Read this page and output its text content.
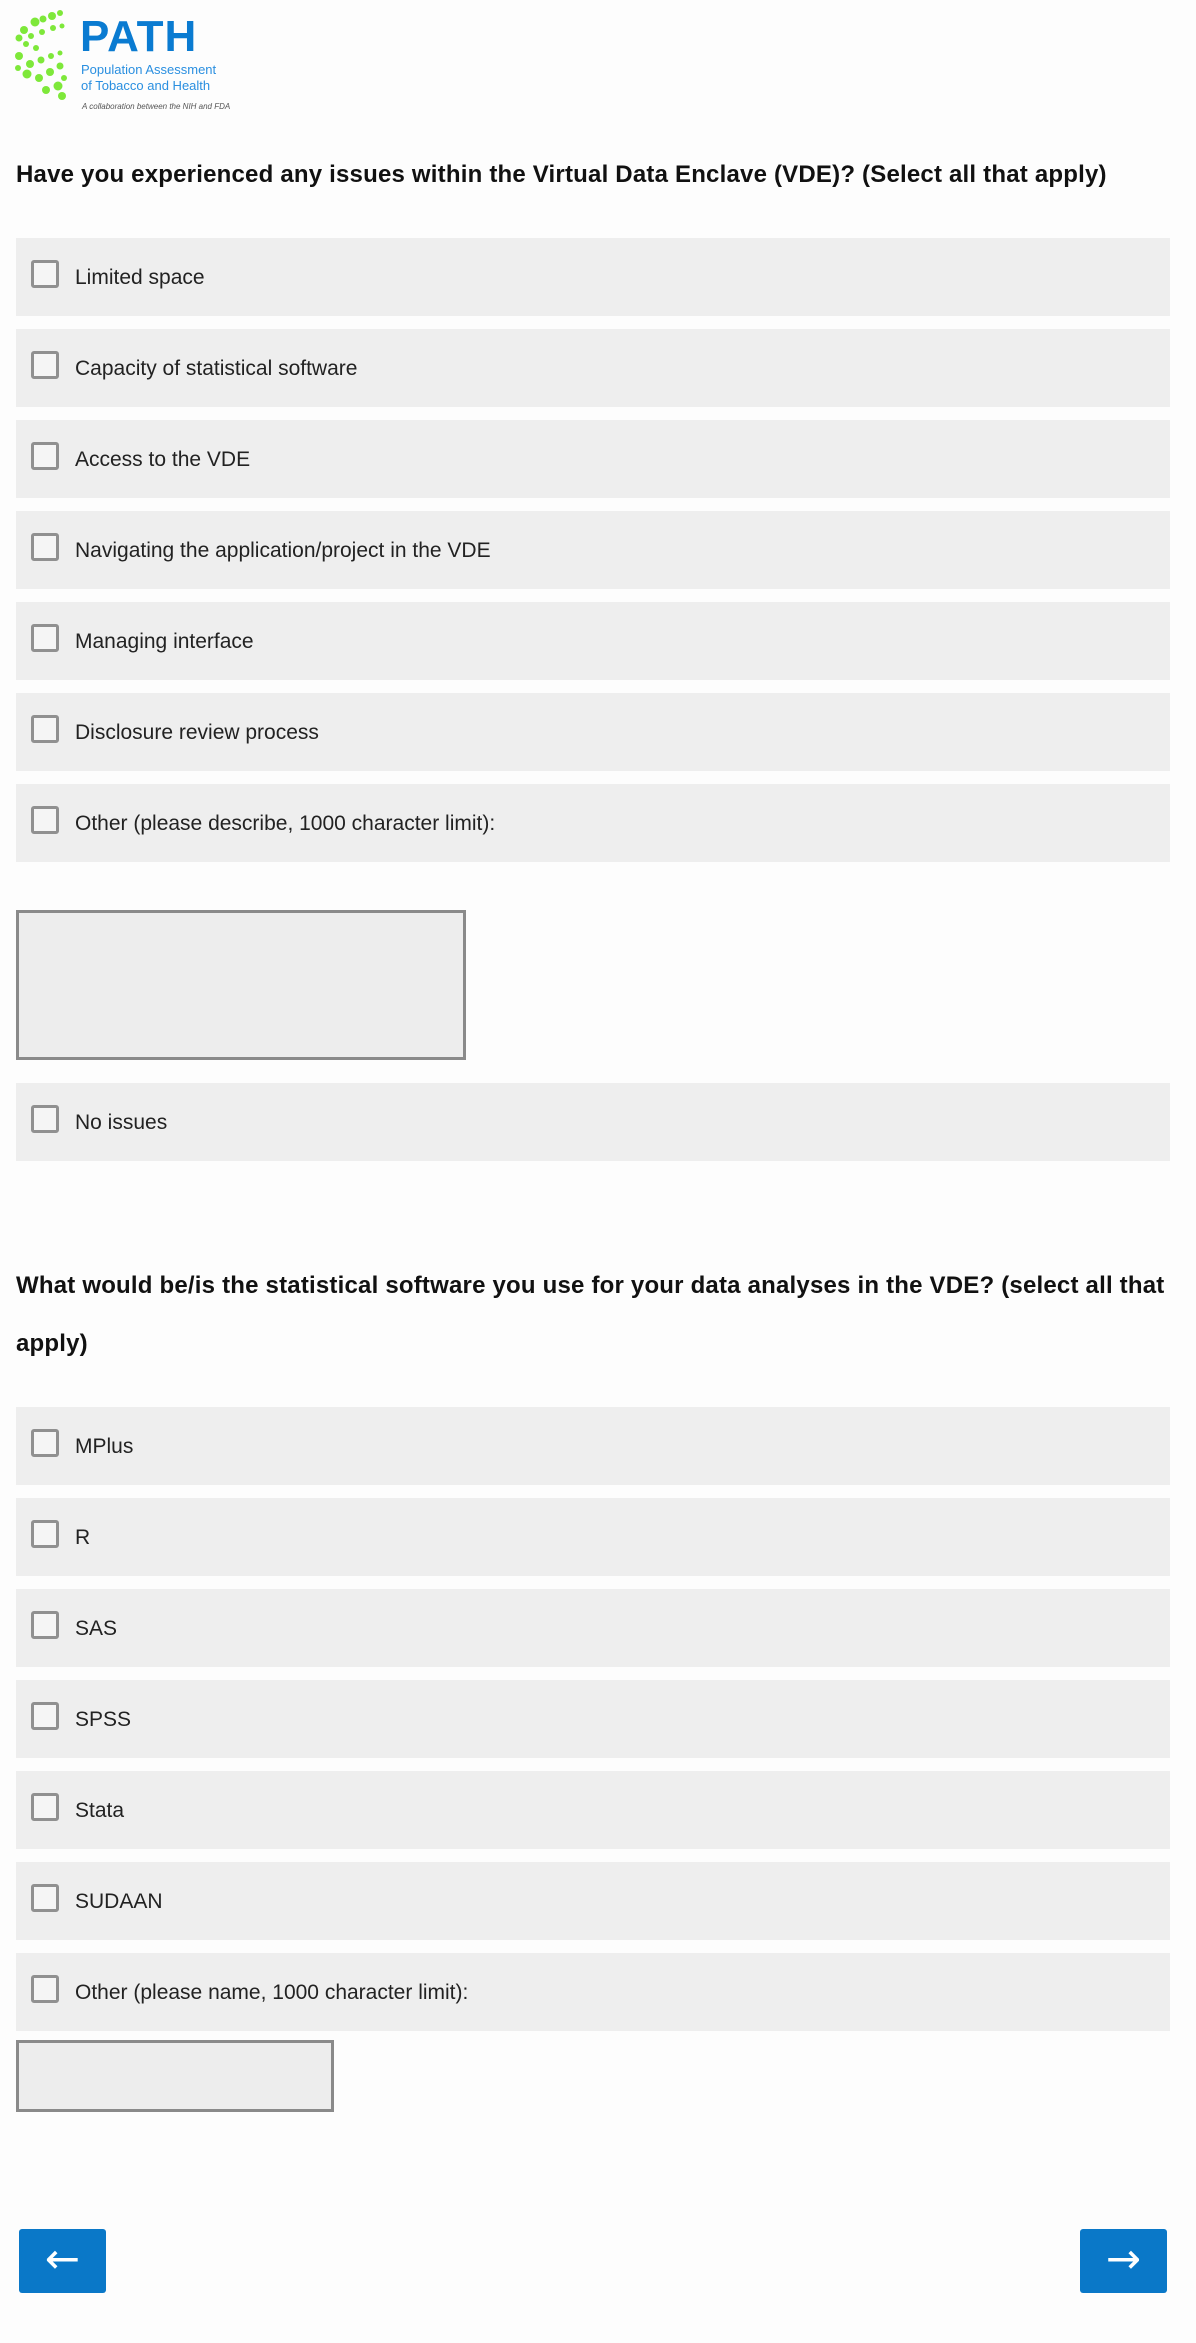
PATH
Population Assessment
of Tobacco and Health
A collaboration between the NIH and FDA
Have you experienced any issues within the Virtual Data Enclave (VDE)? (Select all that apply)
Limited space
Capacity of statistical software
Access to the VDE
Navigating the application/project in the VDE
Managing interface
Disclosure review process
Other (please describe, 1000 character limit):
No issues
What would be/is the statistical software you use for your data analyses in the VDE? (select all that
apply)
MPlus
R
SAS
SPSS
Stata
SUDAAN
Other (please name, 1000 character limit):
←	→
